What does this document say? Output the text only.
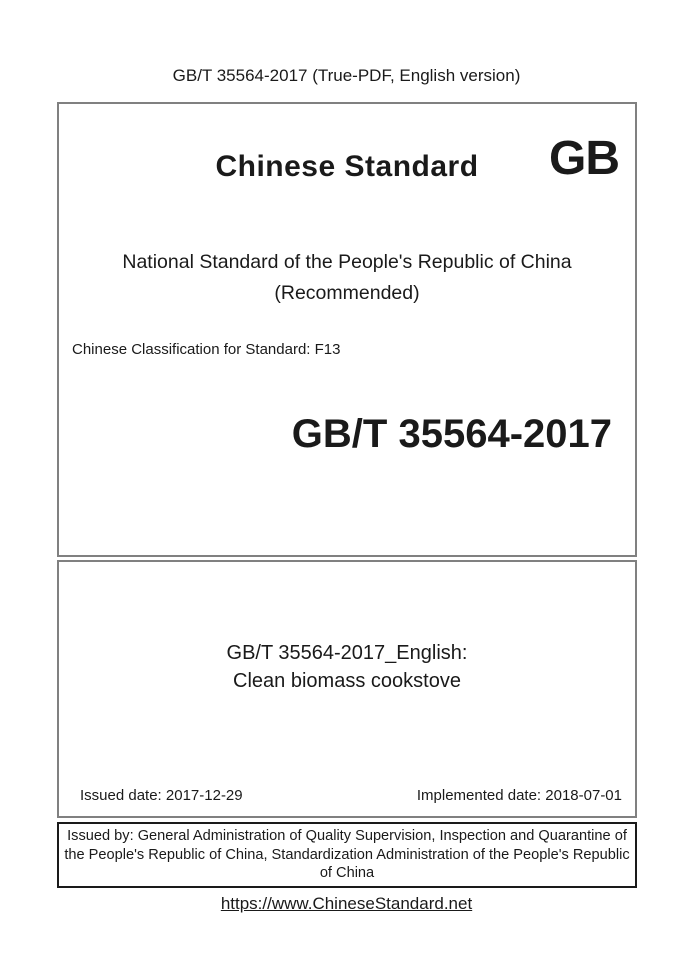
GB/T 35564-2017 (True-PDF, English version)
Chinese Standard	GB
National Standard of the People's Republic of China
(Recommended)
Chinese Classification for Standard: F13
GB/T 35564-2017
GB/T 35564-2017_English:
Clean biomass cookstove
Issued date: 2017-12-29	Implemented date: 2018-07-01
Issued by: General Administration of Quality Supervision, Inspection and Quarantine of the People's Republic of China, Standardization Administration of the People's Republic of China
https://www.ChineseStandard.net
